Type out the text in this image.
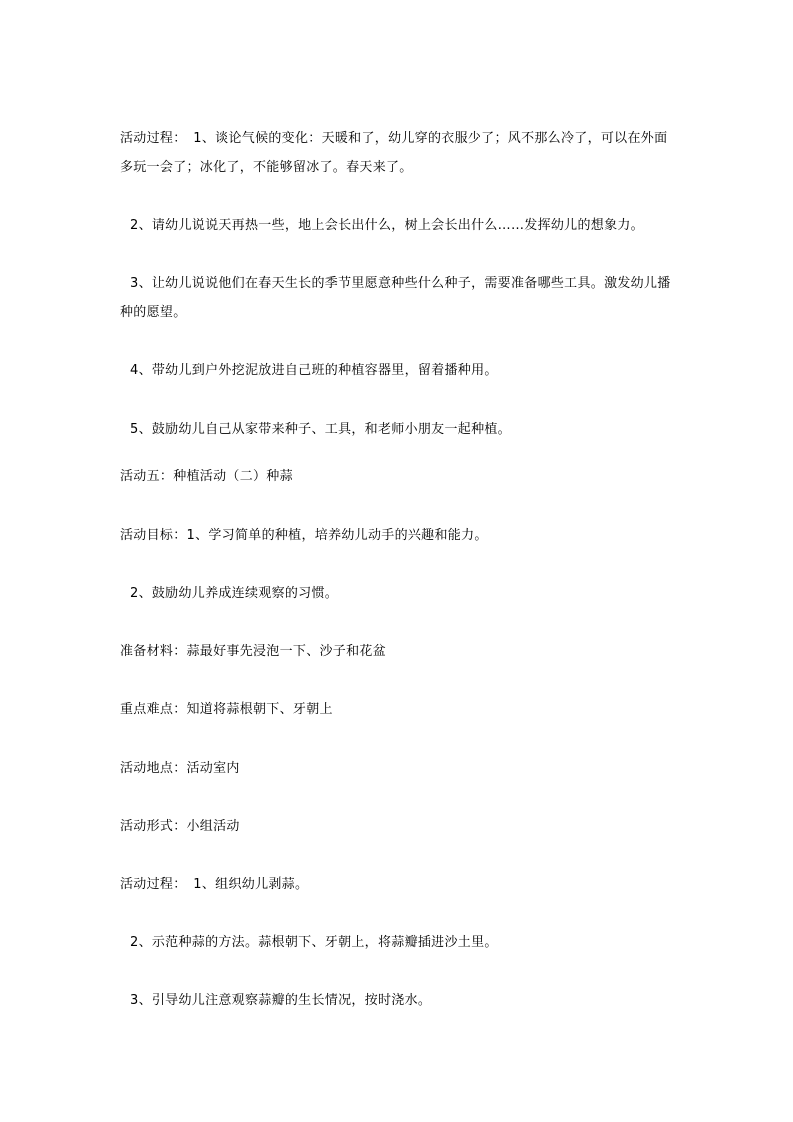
活动过程：　1、谈论气候的变化：天暖和了，幼儿穿的衣服少了；风不那么冷了，可以在外面
多玩一会了；冰化了，不能够留冰了。春天来了。
2、请幼儿说说天再热一些，地上会长出什么，树上会长出什么……发挥幼儿的想象力。
3、让幼儿说说他们在春天生长的季节里愿意种些什么种子，需要准备哪些工具。激发幼儿播
种的愿望。
4、带幼儿到户外挖泥放进自己班的种植容器里，留着播种用。
5、鼓励幼儿自己从家带来种子、工具，和老师小朋友一起种植。
活动五：种植活动（二）种蒜
活动目标：1、学习简单的种植，培养幼儿动手的兴趣和能力。
2、鼓励幼儿养成连续观察的习惯。
准备材料：蒜最好事先浸泡一下、沙子和花盆
重点难点：知道将蒜根朝下、牙朝上
活动地点：活动室内
活动形式：小组活动
活动过程：　1、组织幼儿剥蒜。
2、示范种蒜的方法。蒜根朝下、牙朝上，将蒜瓣插进沙土里。
3、引导幼儿注意观察蒜瓣的生长情况，按时浇水。
